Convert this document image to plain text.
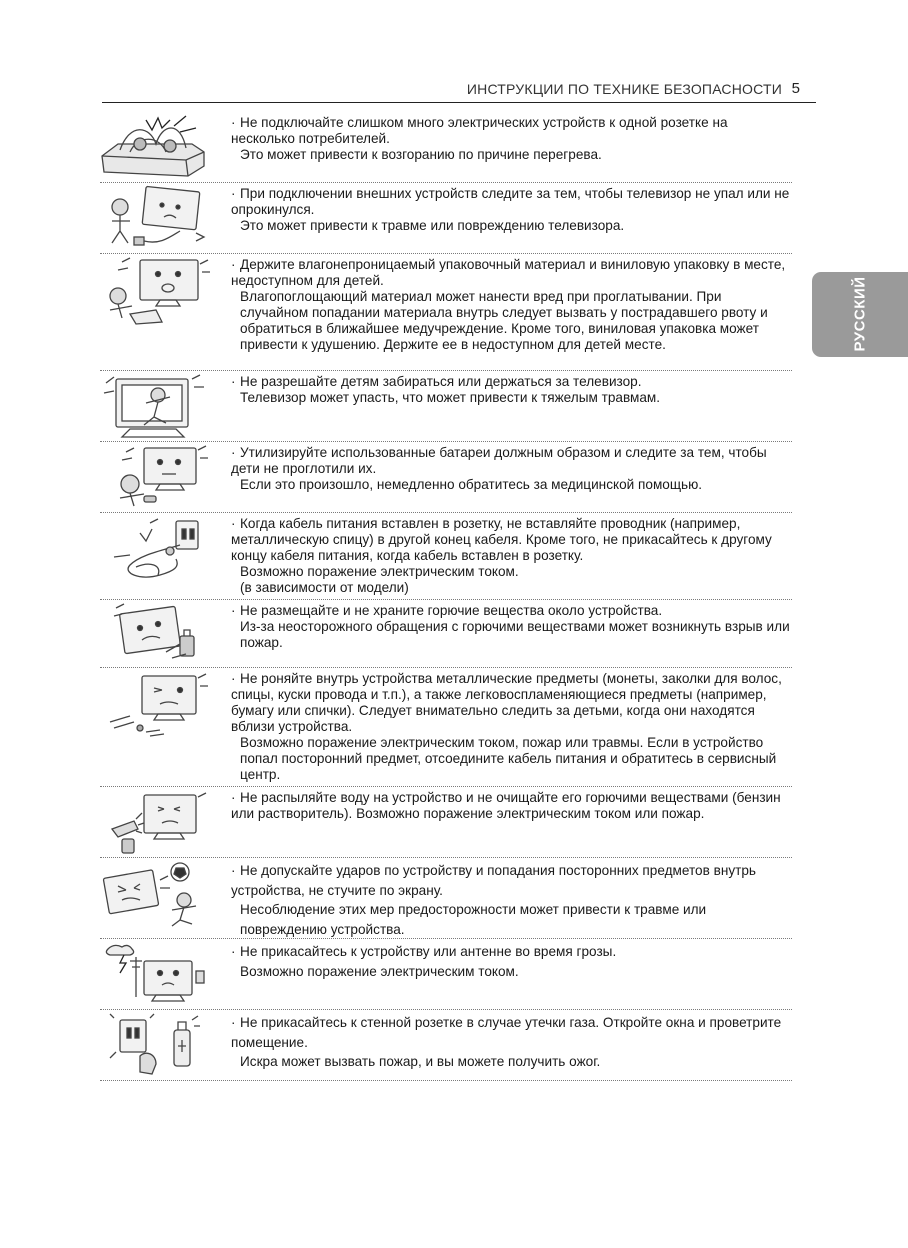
ИНСТРУКЦИИ ПО ТЕХНИКЕ БЕЗОПАСНОСТИ 5
РУССКИЙ

· Не подключайте слишком много электрических устройств к одной розетке на несколько потребителей.

Это может привести к возгоранию по причине перегрева.

· При подключении внешних устройств следите за тем, чтобы телевизор не упал или не опрокинулся.

Это может привести к травме или повреждению телевизора.

· Держите влагонепроницаемый упаковочный материал и виниловую упаковку в месте, недоступном для детей.

Влагопоглощающий материал может нанести вред при проглатывании. При случайном попадании материала внутрь следует вызвать у пострадавшего рвоту и обратиться в ближайшее медучреждение. Кроме того, виниловая упаковка может привести к удушению. Держите ее в недоступном для детей месте.

· Не разрешайте детям забираться или держаться за телевизор.

Телевизор может упасть, что может привести к тяжелым травмам.

· Утилизируйте использованные батареи должным образом и следите за тем, чтобы дети не проглотили их.

Если это произошло, немедленно обратитесь за медицинской помощью.

· Когда кабель питания вставлен в розетку, не вставляйте проводник (например, металлическую спицу) в другой конец кабеля. Кроме того, не прикасайтесь к другому концу кабеля питания, когда кабель вставлен в розетку.

Возможно поражение электрическим током.

(в зависимости от модели)

· Не размещайте и не храните горючие вещества около устройства.

Из-за неосторожного обращения с горючими веществами может возникнуть взрыв или пожар.

· Не роняйте внутрь устройства металлические предметы (монеты, заколки для волос, спицы, куски провода и т.п.), а также легковоспламеняющиеся предметы (например, бумагу или спички). Следует внимательно следить за детьми, когда они находятся вблизи устройства.

Возможно поражение электрическим током, пожар или травмы. Если в устройство попал посторонний предмет, отсоедините кабель питания и обратитесь в сервисный центр.

· Не распыляйте воду на устройство и не очищайте его горючими веществами (бензин или растворитель). Возможно поражение электрическим током или пожар.

· Не допускайте ударов по устройству и попадания посторонних предметов внутрь устройства, не стучите по экрану.

Несоблюдение этих мер предосторожности может привести к травме или повреждению устройства.

· Не прикасайтесь к устройству или антенне во время грозы.

Возможно поражение электрическим током.

· Не прикасайтесь к стенной розетке в случае утечки газа. Откройте окна и проветрите помещение.

Искра может вызвать пожар, и вы можете получить ожог.
